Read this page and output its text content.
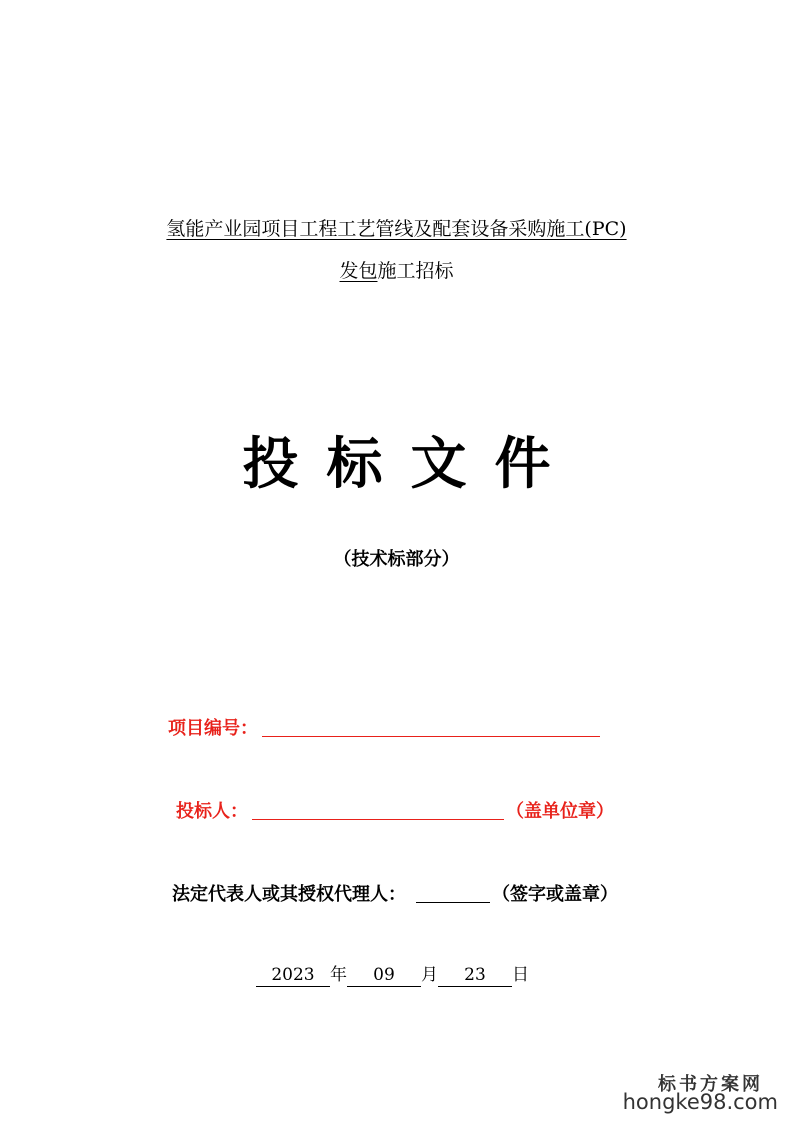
氢能产业园项目工程工艺管线及配套设备采购施工(PC)
发包施工招标
投标文件
（技术标部分）
项目编号：
投标人：	（盖单位章）
法定代表人或其授权代理人：	（签字或盖章）
2023 年 09 月 23 日
标书方案网
hongke98.com
